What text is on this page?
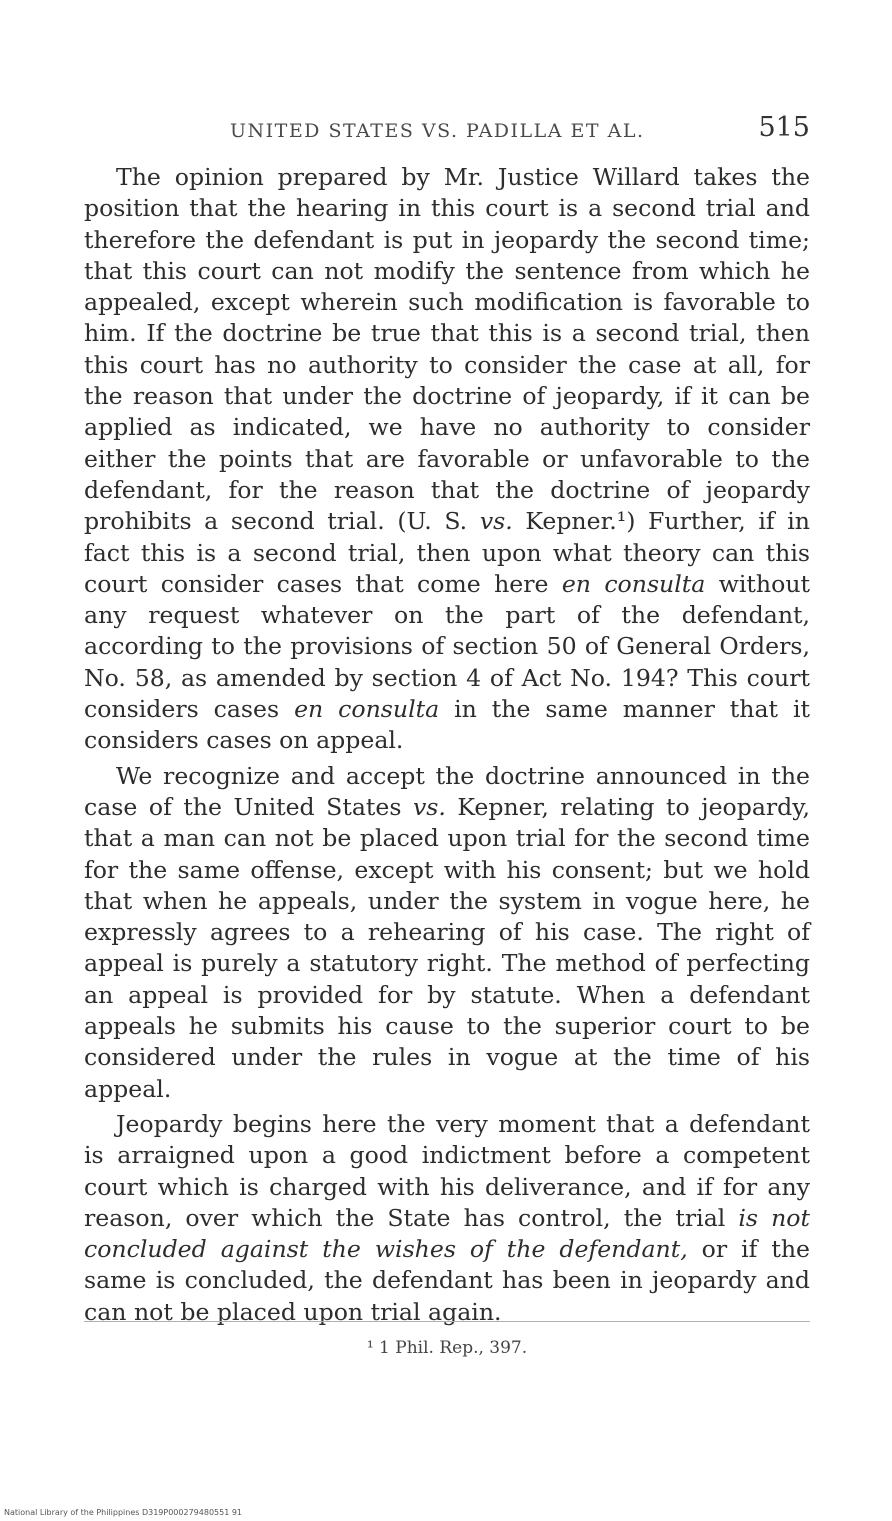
UNITED STATES VS. PADILLA ET AL.	515

The opinion prepared by Mr. Justice Willard takes the position that the hearing in this court is a second trial and therefore the defendant is put in jeopardy the second time; that this court can not modify the sentence from which he appealed, except wherein such modification is favorable to him. If the doctrine be true that this is a second trial, then this court has no authority to consider the case at all, for the reason that under the doctrine of jeopardy, if it can be applied as indicated, we have no authority to consider either the points that are favorable or unfavorable to the defendant, for the reason that the doctrine of jeopardy prohibits a second trial. (U. S. vs. Kepner.¹) Further, if in fact this is a second trial, then upon what theory can this court consider cases that come here en consulta without any request whatever on the part of the defendant, according to the provisions of section 50 of General Orders, No. 58, as amended by section 4 of Act No. 194? This court considers cases en consulta in the same manner that it considers cases on appeal.

We recognize and accept the doctrine announced in the case of the United States vs. Kepner, relating to jeopardy, that a man can not be placed upon trial for the second time for the same offense, except with his consent; but we hold that when he appeals, under the system in vogue here, he expressly agrees to a rehearing of his case. The right of appeal is purely a statutory right. The method of perfecting an appeal is provided for by statute. When a defendant appeals he submits his cause to the superior court to be considered under the rules in vogue at the time of his appeal.

Jeopardy begins here the very moment that a defendant is arraigned upon a good indictment before a competent court which is charged with his deliverance, and if for any reason, over which the State has control, the trial is not concluded against the wishes of the defendant, or if the same is concluded, the defendant has been in jeopardy and can not be placed upon trial again.

¹ 1 Phil. Rep., 397.
National Library of the Philippines D319P000279480551 91
